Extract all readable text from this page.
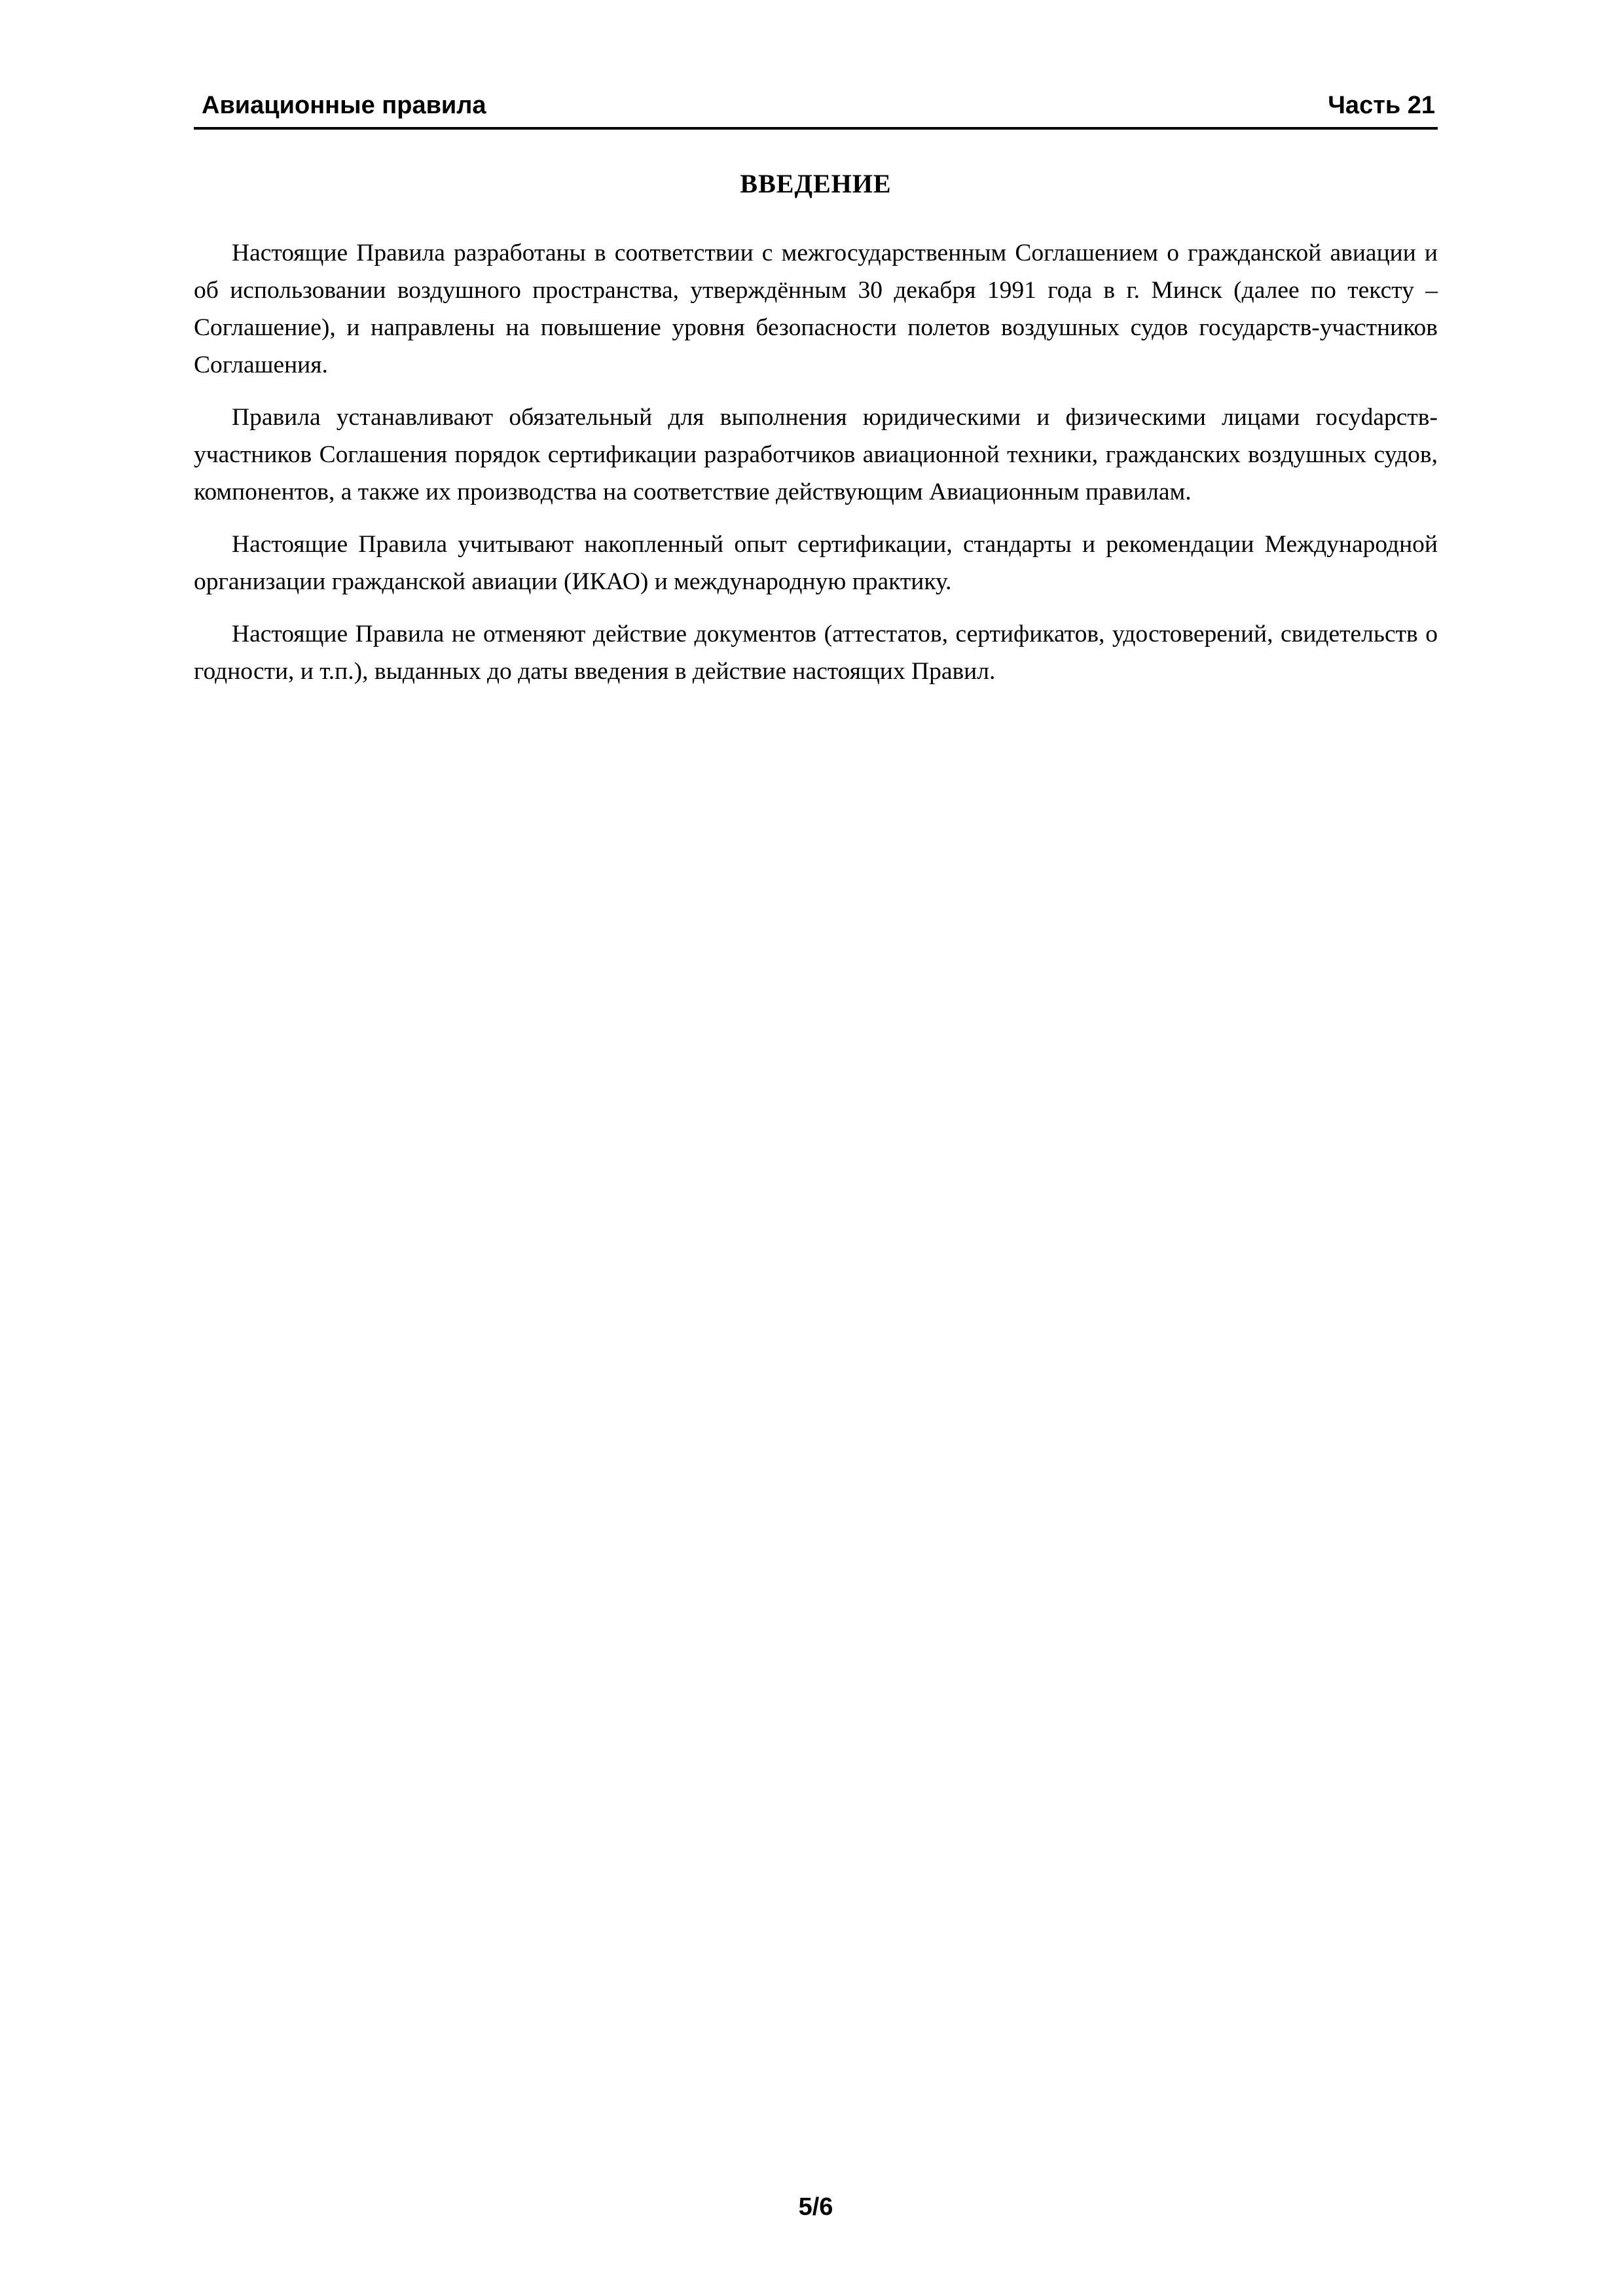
Авиационные правила	Часть 21
ВВЕДЕНИЕ

Настоящие Правила разработаны в соответствии с межгосударственным Соглашением о гражданской авиации и об использовании воздушного пространства, утверждённым 30 декабря 1991 года в г. Минск (далее по тексту – Соглашение), и направлены на повышение уровня безопасности полетов воздушных судов государств-участников Соглашения.

Правила устанавливают обязательный для выполнения юридическими и физическими лицами госуdарств-участников Соглашения порядок сертификации разработчиков авиационной техники, гражданских воздушных судов, компонентов, а также их производства на соответствие действующим Авиационным правилам.

Настоящие Правила учитывают накопленный опыт сертификации, стандарты и рекомендации Международной организации гражданской авиации (ИКАО) и международную практику.

Настоящие Правила не отменяют действие документов (аттестатов, сертификатов, удостоверений, свидетельств о годности, и т.п.), выданных до даты введения в действие настоящих Правил.

5/6
